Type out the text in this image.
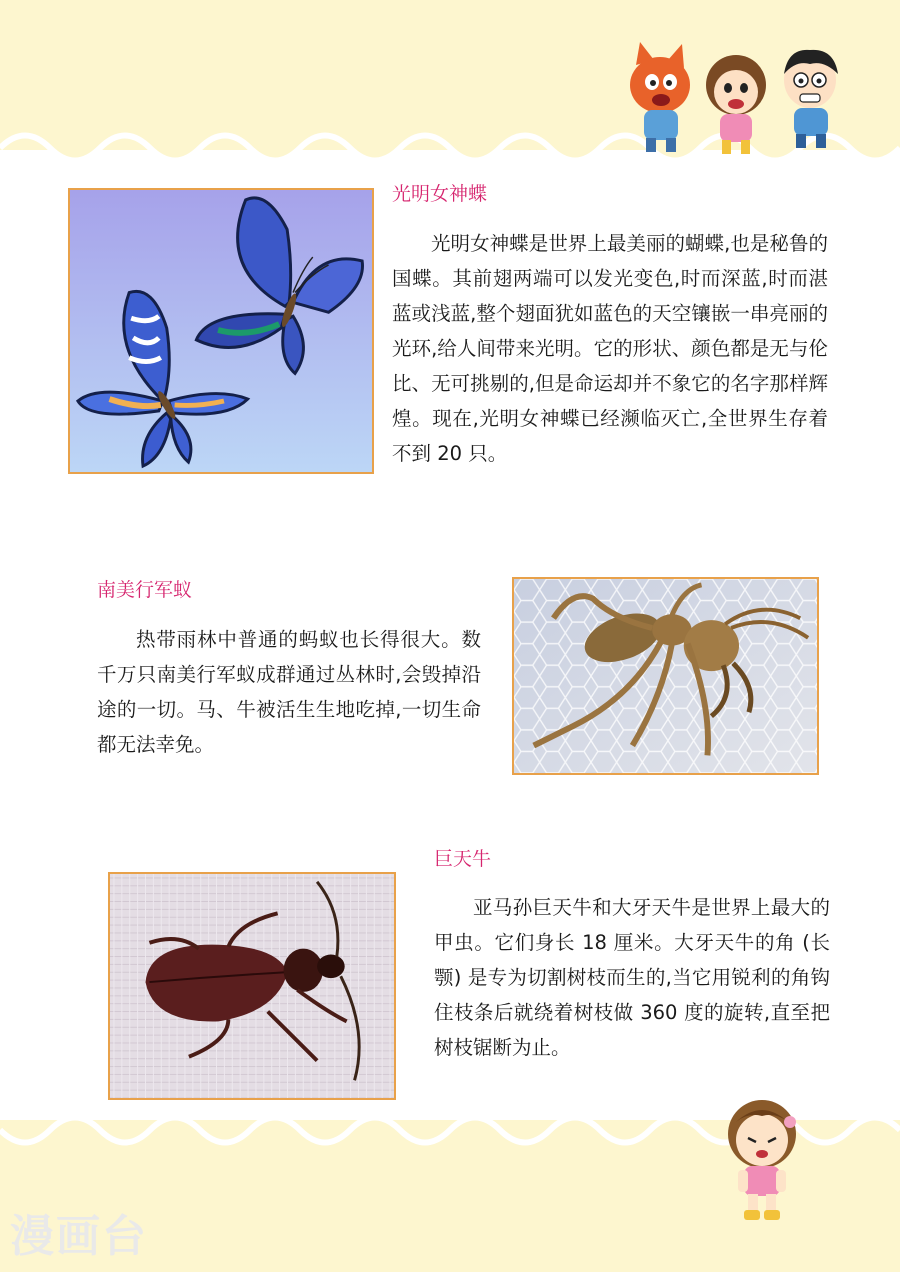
光明女神蝶

光明女神蝶是世界上最美丽的蝴蝶,也是秘鲁的国蝶。其前翅两端可以发光变色,时而深蓝,时而湛蓝或浅蓝,整个翅面犹如蓝色的天空镶嵌一串亮丽的光环,给人间带来光明。它的形状、颜色都是无与伦比、无可挑剔的,但是命运却并不象它的名字那样辉煌。现在,光明女神蝶已经濒临灭亡,全世界生存着不到 20 只。

南美行军蚁

热带雨林中普通的蚂蚁也长得很大。数千万只南美行军蚁成群通过丛林时,会毁掉沿途的一切。马、牛被活生生地吃掉,一切生命都无法幸免。

巨天牛

亚马孙巨天牛和大牙天牛是世界上最大的甲虫。它们身长 18 厘米。大牙天牛的角 (长颚) 是专为切割树枝而生的,当它用锐利的角钩住枝条后就绕着树枝做 360 度的旋转,直至把树枝锯断为止。

漫画台
